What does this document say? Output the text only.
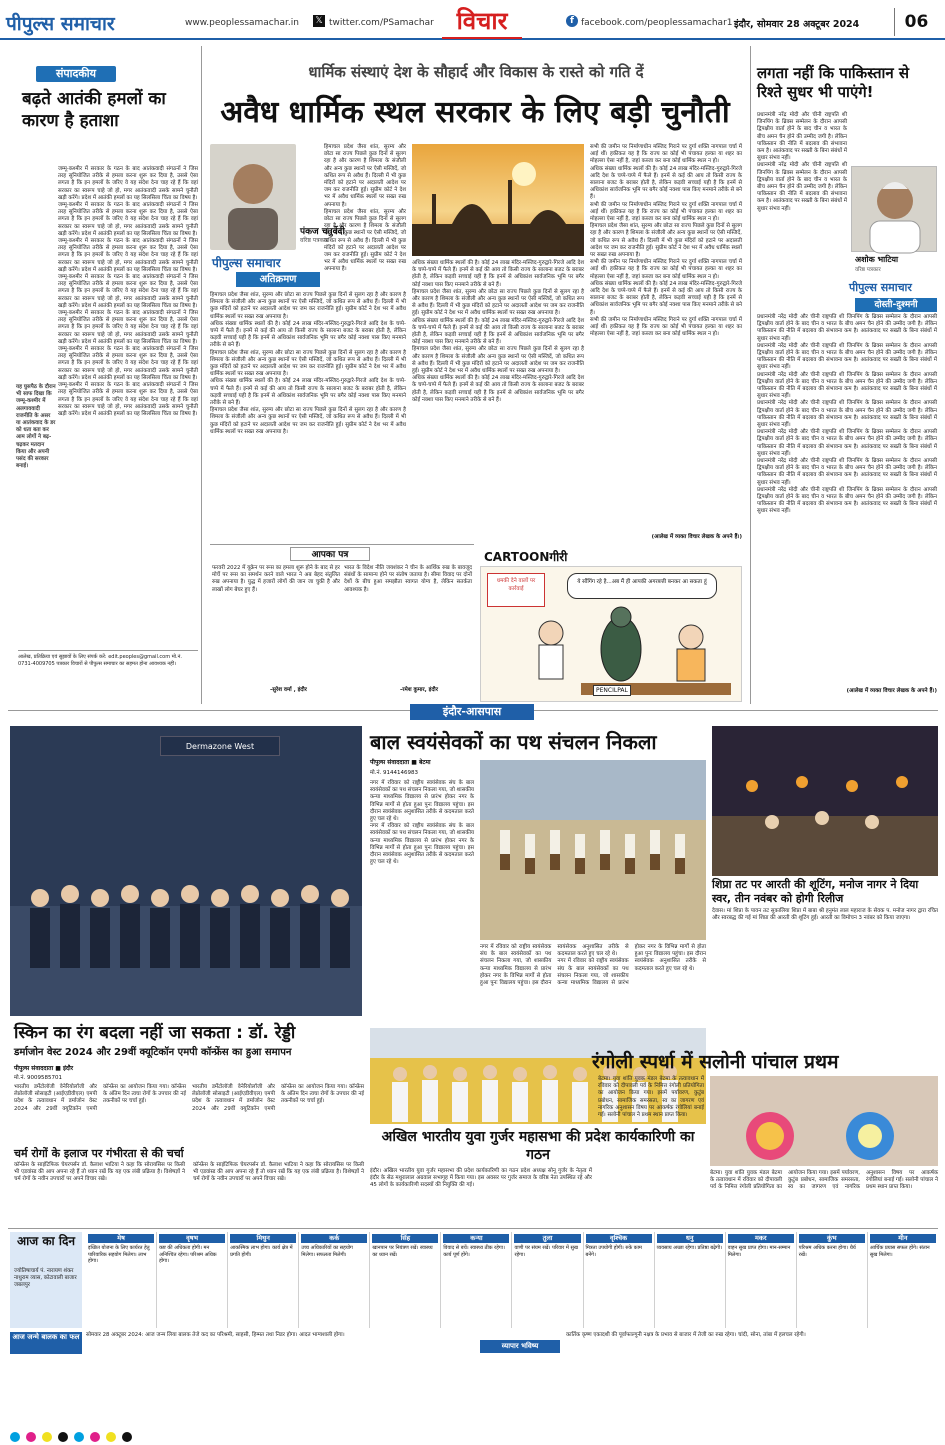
पीपुल्स समाचार	www.peoplessamachar.in 𝕏 twitter.com/PSamachar विचार	f facebook.com/peoplessamachar1 इंदौर, सोमवार 28 अक्टूबर 2024	06
संपादकीय
बढ़ते आतंकी हमलों का कारण है हताशा

जम्मू-कश्मीर में सरकार के गठन के बाद आतंकवादी संगठनों ने जिस तरह सुनियोजित तरीके से हमला करना शुरू कर दिया है, उससे ऐसा लगता है कि इन हमलों के जरिए वे यह संदेश देना चाह रहे हैं कि वहां सरकार का स्वरूप चाहे जो हो, मगर आतंकवादी उसके सामने चुनौती खड़ी करेंगे। प्रदेश में आतंकी हमलों का यह सिलसिला चिंता का विषय है।

जम्मू-कश्मीर में सरकार के गठन के बाद आतंकवादी संगठनों ने जिस तरह सुनियोजित तरीके से हमला करना शुरू कर दिया है, उससे ऐसा लगता है कि इन हमलों के जरिए वे यह संदेश देना चाह रहे हैं कि वहां सरकार का स्वरूप चाहे जो हो, मगर आतंकवादी उसके सामने चुनौती खड़ी करेंगे। प्रदेश में आतंकी हमलों का यह सिलसिला चिंता का विषय है।

जम्मू-कश्मीर में सरकार के गठन के बाद आतंकवादी संगठनों ने जिस तरह सुनियोजित तरीके से हमला करना शुरू कर दिया है, उससे ऐसा लगता है कि इन हमलों के जरिए वे यह संदेश देना चाह रहे हैं कि वहां सरकार का स्वरूप चाहे जो हो, मगर आतंकवादी उसके सामने चुनौती खड़ी करेंगे। प्रदेश में आतंकी हमलों का यह सिलसिला चिंता का विषय है।

जम्मू-कश्मीर में सरकार के गठन के बाद आतंकवादी संगठनों ने जिस तरह सुनियोजित तरीके से हमला करना शुरू कर दिया है, उससे ऐसा लगता है कि इन हमलों के जरिए वे यह संदेश देना चाह रहे हैं कि वहां सरकार का स्वरूप चाहे जो हो, मगर आतंकवादी उसके सामने चुनौती खड़ी करेंगे। प्रदेश में आतंकी हमलों का यह सिलसिला चिंता का विषय है।

जम्मू-कश्मीर में सरकार के गठन के बाद आतंकवादी संगठनों ने जिस तरह सुनियोजित तरीके से हमला करना शुरू कर दिया है, उससे ऐसा लगता है कि इन हमलों के जरिए वे यह संदेश देना चाह रहे हैं कि वहां सरकार का स्वरूप चाहे जो हो, मगर आतंकवादी उसके सामने चुनौती खड़ी करेंगे। प्रदेश में आतंकी हमलों का यह सिलसिला चिंता का विषय है।

जम्मू-कश्मीर में सरकार के गठन के बाद आतंकवादी संगठनों ने जिस तरह सुनियोजित तरीके से हमला करना शुरू कर दिया है, उससे ऐसा लगता है कि इन हमलों के जरिए वे यह संदेश देना चाह रहे हैं कि वहां सरकार का स्वरूप चाहे जो हो, मगर आतंकवादी उसके सामने चुनौती खड़ी करेंगे। प्रदेश में आतंकी हमलों का यह सिलसिला चिंता का विषय है।

जम्मू-कश्मीर में सरकार के गठन के बाद आतंकवादी संगठनों ने जिस तरह सुनियोजित तरीके से हमला करना शुरू कर दिया है, उससे ऐसा लगता है कि इन हमलों के जरिए वे यह संदेश देना चाह रहे हैं कि वहां सरकार का स्वरूप चाहे जो हो, मगर आतंकवादी उसके सामने चुनौती खड़ी करेंगे। प्रदेश में आतंकी हमलों का यह सिलसिला चिंता का विषय है।

यह घुसपैठ के दौरान भी साफ दिखा कि जम्मू-कश्मीर में अलगाववादी राजनीति के असर या आतंकवाद के डर को धता बता कर आम लोगों ने बढ़-चढ़कर मतदान किया और अपनी पसंद की सरकार बनाई।
आलेख, प्रतिक्रिया एवं सुझावों के लिए संपर्क करें: edit.peoples@gmail.com मो.नं. 0731-4009705 पत्रकार विचारों से पीपुल्स समाचार का सहमत होना आवश्यक नहीं।
धार्मिक संस्थाएं देश के सौहार्द और विकास के रास्ते को गति दें
अवैध धार्मिक स्थल सरकार के लिए बड़ी चुनौती
पंकज चतुर्वेदी
वरिष्ठ पत्रकार
पीपुल्स समाचार
अतिक्रमण

हिमाचल प्रदेश जैसा शांत, सुरम्य और छोटा सा राज्य पिछले कुछ दिनों से सुलग रहा है और कारण है शिमला के संजौली और अन्य कुछ स्थानों पर ऐसी मस्जिदें, जो कथित रूप से अवैध हैं। दिल्ली में भी कुछ मंदिरों को हटाने पर अदालती आदेश पर जम कर राजनीति हुई। सुप्रीम कोर्ट ने देश भर में अवैध धार्मिक स्थलों पर सख्त रुख अपनाया है।

हिमाचल प्रदेश जैसा शांत, सुरम्य और छोटा सा राज्य पिछले कुछ दिनों से सुलग रहा है और कारण है शिमला के संजौली और अन्य कुछ स्थानों पर ऐसी मस्जिदें, जो कथित रूप से अवैध हैं। दिल्ली में भी कुछ मंदिरों को हटाने पर अदालती आदेश पर जम कर राजनीति हुई। सुप्रीम कोर्ट ने देश भर में अवैध धार्मिक स्थलों पर सख्त रुख अपनाया है।

हिमाचल प्रदेश जैसा शांत, सुरम्य और छोटा सा राज्य पिछले कुछ दिनों से सुलग रहा है और कारण है शिमला के संजौली और अन्य कुछ स्थानों पर ऐसी मस्जिदें, जो कथित रूप से अवैध हैं। दिल्ली में भी कुछ मंदिरों को हटाने पर अदालती आदेश पर जम कर राजनीति हुई। सुप्रीम कोर्ट ने देश भर में अवैध धार्मिक स्थलों पर सख्त रुख अपनाया है।

अधिक संख्या धार्मिक स्थलों की है। कोई 24 लाख मंदिर-मस्जिद-गुरुद्वारे-गिरजे आदि देश के चप्पे-चप्पे में फैले हैं। इनमें से कई की आय तो किसी राज्य के सालाना बजट के बराबर होती है, लेकिन कड़वी सच्चाई यही है कि इनमें से अधिकांश सार्वजनिक भूमि पर बगैर कोई नक्शा पास किए मनमाने तरीके से बने हैं।

हिमाचल प्रदेश जैसा शांत, सुरम्य और छोटा सा राज्य पिछले कुछ दिनों से सुलग रहा है और कारण है शिमला के संजौली और अन्य कुछ स्थानों पर ऐसी मस्जिदें, जो कथित रूप से अवैध हैं। दिल्ली में भी कुछ मंदिरों को हटाने पर अदालती आदेश पर जम कर राजनीति हुई। सुप्रीम कोर्ट ने देश भर में अवैध धार्मिक स्थलों पर सख्त रुख अपनाया है।

अधिक संख्या धार्मिक स्थलों की है। कोई 24 लाख मंदिर-मस्जिद-गुरुद्वारे-गिरजे आदि देश के चप्पे-चप्पे में फैले हैं। इनमें से कई की आय तो किसी राज्य के सालाना बजट के बराबर होती है, लेकिन कड़वी सच्चाई यही है कि इनमें से अधिकांश सार्वजनिक भूमि पर बगैर कोई नक्शा पास किए मनमाने तरीके से बने हैं।

हिमाचल प्रदेश जैसा शांत, सुरम्य और छोटा सा राज्य पिछले कुछ दिनों से सुलग रहा है और कारण है शिमला के संजौली और अन्य कुछ स्थानों पर ऐसी मस्जिदें, जो कथित रूप से अवैध हैं। दिल्ली में भी कुछ मंदिरों को हटाने पर अदालती आदेश पर जम कर राजनीति हुई। सुप्रीम कोर्ट ने देश भर में अवैध धार्मिक स्थलों पर सख्त रुख अपनाया है।

अधिक संख्या धार्मिक स्थलों की है। कोई 24 लाख मंदिर-मस्जिद-गुरुद्वारे-गिरजे आदि देश के चप्पे-चप्पे में फैले हैं। इनमें से कई की आय तो किसी राज्य के सालाना बजट के बराबर होती है, लेकिन कड़वी सच्चाई यही है कि इनमें से अधिकांश सार्वजनिक भूमि पर बगैर कोई नक्शा पास किए मनमाने तरीके से बने हैं।

हिमाचल प्रदेश जैसा शांत, सुरम्य और छोटा सा राज्य पिछले कुछ दिनों से सुलग रहा है और कारण है शिमला के संजौली और अन्य कुछ स्थानों पर ऐसी मस्जिदें, जो कथित रूप से अवैध हैं। दिल्ली में भी कुछ मंदिरों को हटाने पर अदालती आदेश पर जम कर राजनीति हुई। सुप्रीम कोर्ट ने देश भर में अवैध धार्मिक स्थलों पर सख्त रुख अपनाया है।

अधिक संख्या धार्मिक स्थलों की है। कोई 24 लाख मंदिर-मस्जिद-गुरुद्वारे-गिरजे आदि देश के चप्पे-चप्पे में फैले हैं। इनमें से कई की आय तो किसी राज्य के सालाना बजट के बराबर होती है, लेकिन कड़वी सच्चाई यही है कि इनमें से अधिकांश सार्वजनिक भूमि पर बगैर कोई नक्शा पास किए मनमाने तरीके से बने हैं।

हिमाचल प्रदेश जैसा शांत, सुरम्य और छोटा सा राज्य पिछले कुछ दिनों से सुलग रहा है और कारण है शिमला के संजौली और अन्य कुछ स्थानों पर ऐसी मस्जिदें, जो कथित रूप से अवैध हैं। दिल्ली में भी कुछ मंदिरों को हटाने पर अदालती आदेश पर जम कर राजनीति हुई। सुप्रीम कोर्ट ने देश भर में अवैध धार्मिक स्थलों पर सख्त रुख अपनाया है।

अधिक संख्या धार्मिक स्थलों की है। कोई 24 लाख मंदिर-मस्जिद-गुरुद्वारे-गिरजे आदि देश के चप्पे-चप्पे में फैले हैं। इनमें से कई की आय तो किसी राज्य के सालाना बजट के बराबर होती है, लेकिन कड़वी सच्चाई यही है कि इनमें से अधिकांश सार्वजनिक भूमि पर बगैर कोई नक्शा पास किए मनमाने तरीके से बने हैं।

सभी की जमीन पर निर्माणाधीन मस्जिद गिराने पर दुर्गा शक्ति नागपाल चर्चा में आई थीं। हकीकत यह है कि राज्य का कोई भी पंचायत हल्का या शहर का मोहल्ला ऐसा नहीं है, जहां कब्जा कर बना कोई धार्मिक स्थल न हो।

अधिक संख्या धार्मिक स्थलों की है। कोई 24 लाख मंदिर-मस्जिद-गुरुद्वारे-गिरजे आदि देश के चप्पे-चप्पे में फैले हैं। इनमें से कई की आय तो किसी राज्य के सालाना बजट के बराबर होती है, लेकिन कड़वी सच्चाई यही है कि इनमें से अधिकांश सार्वजनिक भूमि पर बगैर कोई नक्शा पास किए मनमाने तरीके से बने हैं।

सभी की जमीन पर निर्माणाधीन मस्जिद गिराने पर दुर्गा शक्ति नागपाल चर्चा में आई थीं। हकीकत यह है कि राज्य का कोई भी पंचायत हल्का या शहर का मोहल्ला ऐसा नहीं है, जहां कब्जा कर बना कोई धार्मिक स्थल न हो।

हिमाचल प्रदेश जैसा शांत, सुरम्य और छोटा सा राज्य पिछले कुछ दिनों से सुलग रहा है और कारण है शिमला के संजौली और अन्य कुछ स्थानों पर ऐसी मस्जिदें, जो कथित रूप से अवैध हैं। दिल्ली में भी कुछ मंदिरों को हटाने पर अदालती आदेश पर जम कर राजनीति हुई। सुप्रीम कोर्ट ने देश भर में अवैध धार्मिक स्थलों पर सख्त रुख अपनाया है।

सभी की जमीन पर निर्माणाधीन मस्जिद गिराने पर दुर्गा शक्ति नागपाल चर्चा में आई थीं। हकीकत यह है कि राज्य का कोई भी पंचायत हल्का या शहर का मोहल्ला ऐसा नहीं है, जहां कब्जा कर बना कोई धार्मिक स्थल न हो।

अधिक संख्या धार्मिक स्थलों की है। कोई 24 लाख मंदिर-मस्जिद-गुरुद्वारे-गिरजे आदि देश के चप्पे-चप्पे में फैले हैं। इनमें से कई की आय तो किसी राज्य के सालाना बजट के बराबर होती है, लेकिन कड़वी सच्चाई यही है कि इनमें से अधिकांश सार्वजनिक भूमि पर बगैर कोई नक्शा पास किए मनमाने तरीके से बने हैं।

सभी की जमीन पर निर्माणाधीन मस्जिद गिराने पर दुर्गा शक्ति नागपाल चर्चा में आई थीं। हकीकत यह है कि राज्य का कोई भी पंचायत हल्का या शहर का मोहल्ला ऐसा नहीं है, जहां कब्जा कर बना कोई धार्मिक स्थल न हो।

(आलेख में व्यक्त विचार लेखक के अपने हैं।)
आपका पत्र
फरवरी 2022 में यूक्रेन पर रूस का हमला शुरू होने के बाद से हर मोर्चे पर रूस का समर्थन करने वाले भारत ने अब बेहद संतुलित रुख अपनाया है। युद्ध में हजारों लोगों की जान जा चुकी है और लाखों लोग बेघर हुए हैं।
-सुरेश वर्मा , इंदौर
भारत के विदेश नीति जयशंकर ने चीन के आर्थिक रुख के बावजूद संबंधों के सामान्य होने पर संतोष जताया है। सीमा विवाद पर दोनों देशों के बीच हुआ समझौता स्वागत योग्य है, लेकिन सतर्कता आवश्यक है।
-रमेश कुमार, इंदौर
CARTOONगीरी
धमकी देने वालों पर कार्रवाई
ये सौंगिंग रहे है...अब मैं ही आपकी अगरबत्ती बनकर आ सकता हूं
PENCILPAL
लगता नहीं कि पाकिस्तान से रिश्ते सुधर भी पाएंगे!

प्रधानमंत्री नरेंद्र मोदी और चीनी राष्ट्रपति शी जिनपिंग के ब्रिक्स सम्मेलन के दौरान आपसी द्विपक्षीय वार्ता होने के बाद चीन व भारत के बीच अमन चैन होने की उम्मीद जगी है। लेकिन पाकिस्तान की नीति में बदलाव की संभावना कम है। आतंकवाद पर सख्ती के बिना संबंधों में सुधार संभव नहीं।

प्रधानमंत्री नरेंद्र मोदी और चीनी राष्ट्रपति शी जिनपिंग के ब्रिक्स सम्मेलन के दौरान आपसी द्विपक्षीय वार्ता होने के बाद चीन व भारत के बीच अमन चैन होने की उम्मीद जगी है। लेकिन पाकिस्तान की नीति में बदलाव की संभावना कम है। आतंकवाद पर सख्ती के बिना संबंधों में सुधार संभव नहीं।

अशोक भाटिया
वरिष्ठ पत्रकार
पीपुल्स समाचार
दोस्ती-दुश्मनी

प्रधानमंत्री नरेंद्र मोदी और चीनी राष्ट्रपति शी जिनपिंग के ब्रिक्स सम्मेलन के दौरान आपसी द्विपक्षीय वार्ता होने के बाद चीन व भारत के बीच अमन चैन होने की उम्मीद जगी है। लेकिन पाकिस्तान की नीति में बदलाव की संभावना कम है। आतंकवाद पर सख्ती के बिना संबंधों में सुधार संभव नहीं।

प्रधानमंत्री नरेंद्र मोदी और चीनी राष्ट्रपति शी जिनपिंग के ब्रिक्स सम्मेलन के दौरान आपसी द्विपक्षीय वार्ता होने के बाद चीन व भारत के बीच अमन चैन होने की उम्मीद जगी है। लेकिन पाकिस्तान की नीति में बदलाव की संभावना कम है। आतंकवाद पर सख्ती के बिना संबंधों में सुधार संभव नहीं।

प्रधानमंत्री नरेंद्र मोदी और चीनी राष्ट्रपति शी जिनपिंग के ब्रिक्स सम्मेलन के दौरान आपसी द्विपक्षीय वार्ता होने के बाद चीन व भारत के बीच अमन चैन होने की उम्मीद जगी है। लेकिन पाकिस्तान की नीति में बदलाव की संभावना कम है। आतंकवाद पर सख्ती के बिना संबंधों में सुधार संभव नहीं।

प्रधानमंत्री नरेंद्र मोदी और चीनी राष्ट्रपति शी जिनपिंग के ब्रिक्स सम्मेलन के दौरान आपसी द्विपक्षीय वार्ता होने के बाद चीन व भारत के बीच अमन चैन होने की उम्मीद जगी है। लेकिन पाकिस्तान की नीति में बदलाव की संभावना कम है। आतंकवाद पर सख्ती के बिना संबंधों में सुधार संभव नहीं।

प्रधानमंत्री नरेंद्र मोदी और चीनी राष्ट्रपति शी जिनपिंग के ब्रिक्स सम्मेलन के दौरान आपसी द्विपक्षीय वार्ता होने के बाद चीन व भारत के बीच अमन चैन होने की उम्मीद जगी है। लेकिन पाकिस्तान की नीति में बदलाव की संभावना कम है। आतंकवाद पर सख्ती के बिना संबंधों में सुधार संभव नहीं।

प्रधानमंत्री नरेंद्र मोदी और चीनी राष्ट्रपति शी जिनपिंग के ब्रिक्स सम्मेलन के दौरान आपसी द्विपक्षीय वार्ता होने के बाद चीन व भारत के बीच अमन चैन होने की उम्मीद जगी है। लेकिन पाकिस्तान की नीति में बदलाव की संभावना कम है। आतंकवाद पर सख्ती के बिना संबंधों में सुधार संभव नहीं।

प्रधानमंत्री नरेंद्र मोदी और चीनी राष्ट्रपति शी जिनपिंग के ब्रिक्स सम्मेलन के दौरान आपसी द्विपक्षीय वार्ता होने के बाद चीन व भारत के बीच अमन चैन होने की उम्मीद जगी है। लेकिन पाकिस्तान की नीति में बदलाव की संभावना कम है। आतंकवाद पर सख्ती के बिना संबंधों में सुधार संभव नहीं।

(आलेख में व्यक्त विचार लेखक के अपने हैं।)
इंदौर-आसपास
Dermazone West
स्किन का रंग बदला नहीं जा सकता : डॉ. रेड्डी
डर्माजोन वेस्ट 2024 और 29वीं क्यूटिकॉन एमपी कॉन्फ्रेंस का हुआ समापन
पीपुल्स संवाददाता ■ इंदौर
मो.नं. 9009585701

भारतीय डर्मेटोलॉजी वेनेरियोलॉजी और लेप्रोलॉजी सोसाइटी (आईएडीवीएल) एमपी प्रदेश के तत्वावधान में डर्माजोन वेस्ट 2024 और 29वीं क्यूटिकॉन एमपी कॉन्फ्रेंस का आयोजन किया गया। कॉन्फ्रेंस के अंतिम दिन त्वचा रोगों के उपचार की नई तकनीकों पर चर्चा हुई।

भारतीय डर्मेटोलॉजी वेनेरियोलॉजी और लेप्रोलॉजी सोसाइटी (आईएडीवीएल) एमपी प्रदेश के तत्वावधान में डर्माजोन वेस्ट 2024 और 29वीं क्यूटिकॉन एमपी कॉन्फ्रेंस का आयोजन किया गया। कॉन्फ्रेंस के अंतिम दिन त्वचा रोगों के उपचार की नई तकनीकों पर चर्चा हुई।

चर्म रोगों के इलाज पर गंभीरता से की चर्चा

कॉन्फ्रेंस के साइंटिफिक चेयरपर्सन डॉ. कैलाश भाटिया ने कहा कि सोरायसिस पर किसी भी एडवांस्ड की आप अपना रहे हैं तो ध्यान रखें कि यह एक लंबी प्रक्रिया है। विशेषज्ञों ने चर्म रोगों के नवीन उपचारों पर अपने विचार रखे।

कॉन्फ्रेंस के साइंटिफिक चेयरपर्सन डॉ. कैलाश भाटिया ने कहा कि सोरायसिस पर किसी भी एडवांस्ड की आप अपना रहे हैं तो ध्यान रखें कि यह एक लंबी प्रक्रिया है। विशेषज्ञों ने चर्म रोगों के नवीन उपचारों पर अपने विचार रखे।

बाल स्वयंसेवकों का पथ संचलन निकला
पीपुल्स संवाददाता ■ बेटमा
मो.नं. 9144146983

नगर में रविवार को राष्ट्रीय स्वयंसेवक संघ के बाल स्वयंसेवकों का पथ संचलन निकला गया, जो शासकीय कन्या माध्यमिक विद्यालय से प्रारंभ होकर नगर के विभिन्न मार्गों से होता हुआ पुनः विद्यालय पहुंचा। इस दौरान स्वयंसेवक अनुशासित तरीके से कदमताल करते हुए चल रहे थे।

नगर में रविवार को राष्ट्रीय स्वयंसेवक संघ के बाल स्वयंसेवकों का पथ संचलन निकला गया, जो शासकीय कन्या माध्यमिक विद्यालय से प्रारंभ होकर नगर के विभिन्न मार्गों से होता हुआ पुनः विद्यालय पहुंचा। इस दौरान स्वयंसेवक अनुशासित तरीके से कदमताल करते हुए चल रहे थे।

नगर में रविवार को राष्ट्रीय स्वयंसेवक संघ के बाल स्वयंसेवकों का पथ संचलन निकला गया, जो शासकीय कन्या माध्यमिक विद्यालय से प्रारंभ होकर नगर के विभिन्न मार्गों से होता हुआ पुनः विद्यालय पहुंचा। इस दौरान स्वयंसेवक अनुशासित तरीके से कदमताल करते हुए चल रहे थे।

नगर में रविवार को राष्ट्रीय स्वयंसेवक संघ के बाल स्वयंसेवकों का पथ संचलन निकला गया, जो शासकीय कन्या माध्यमिक विद्यालय से प्रारंभ होकर नगर के विभिन्न मार्गों से होता हुआ पुनः विद्यालय पहुंचा। इस दौरान स्वयंसेवक अनुशासित तरीके से कदमताल करते हुए चल रहे थे।

शिप्रा तट पर आरती की शूटिंग, मनोज नागर ने दिया स्वर, तीन नवंबर को होगी रिलीज
देवास। मां शिप्रा के पावन तट सुकालिया शिप्रा में बाबा श्री हनुमंत लाल महाराज के सेवक प. मनोज नागर द्वारा रचित और स्वरबद्ध की गई मां शिप्रा की आरती की शूटिंग हुई। आरती का विमोचन 3 नवंबर को किया जाएगा।
अखिल भारतीय युवा गुर्जर महासभा की प्रदेश कार्यकारिणी का गठन
इंदौर। अखिल भारतीय युवा गुर्जर महासभा की प्रदेश कार्यकारिणी का गठन प्रदेश अध्यक्ष सोनू गुर्जर के नेतृत्व में इंदौर के सेठ मथुरालाल अग्रवाल सभागृह में किया गया। इस अवसर पर गुर्जर समाज के वरिष्ठ नेता उपस्थित रहे और 45 लोगों के कार्यकारिणी सदस्यों की नियुक्ति की गई।
रंगोली स्पर्धा में सलोनी पांचाल प्रथम
बेटमा। युवा शांति युवक मंडल बेटमा के तत्वावधान में रविवार को दीपावली पर्व के निमित्त रंगोली प्रतियोगिता का आयोजन किया गया। इसमें पर्यावरण, कुटुंब प्रबोधन, सामाजिक समरसता, स्व का जागरण एवं नागरिक अनुशासन विषय पर आकर्षक रंगोलियां बनाई गईं। सलोनी पांचाल ने प्रथम स्थान प्राप्त किया।

बेटमा। युवा शांति युवक मंडल बेटमा के तत्वावधान में रविवार को दीपावली पर्व के निमित्त रंगोली प्रतियोगिता का आयोजन किया गया। इसमें पर्यावरण, कुटुंब प्रबोधन, सामाजिक समरसता, स्व का जागरण एवं नागरिक अनुशासन विषय पर आकर्षक रंगोलियां बनाई गईं। सलोनी पांचाल ने प्रथम स्थान प्राप्त किया।

आज का दिन
ज्योतिषाचार्य पं. नारायण शंकर नाथुराम व्यास, कोटावाली बाजार जबलपुर
मेष
इच्छित योजना के लिए कार्यरत हेतु पारिवारिक सहयोग मिलेगा। लाभ होगा।
वृषभ
कष्ट की अधिकता होगी। मन अनिश्चित रहेगा। परिश्रम अधिक होगा।
मिथुन
आकस्मिक लाभ होगा। कार्य क्षेत्र में प्रगति होगी।
कर्क
उच्च अधिकारियों का सहयोग मिलेगा। सफलता मिलेगी।
सिंह
खानपान पर नियंत्रण रखें। स्वास्थ्य का ध्यान रखें।
कन्या
विवाद से बचें। स्वास्थ्य ठीक रहेगा। कार्य पूर्ण होंगे।
तुला
वाणी पर संयम रखें। परिवार में सुख रहेगा।
वृश्चिक
मित्रता उपयोगी होगी। रुके काम बनेंगे।
धनु
व्यवसाय अच्छा रहेगा। प्रतिष्ठा बढ़ेगी।
मकर
वाहन सुख प्राप्त होगा। मान-सम्मान मिलेगा।
कुंभ
परिश्रम अधिक करना होगा। धैर्य रखें।
मीन
आर्थिक प्रयास सफल होंगे। संतान सुख मिलेगा।
आज जन्मे बालक का फल	सोमवार 28 अक्टूबर 2024: आज जन्म लिया बालक तेजे कद का परिश्रमी, साहसी, हिम्मत तथा निडर होगा। आदत भाग्यशाली होगा।
व्यापार भविष्य
कार्तिक कृष्ण एकादशी की पूर्वाफाल्गुनी नक्षत्र के प्रभाव से बाजार में तेजी का रुख रहेगा। चांदी, सोना, तांबा में हलचल रहेगी।
